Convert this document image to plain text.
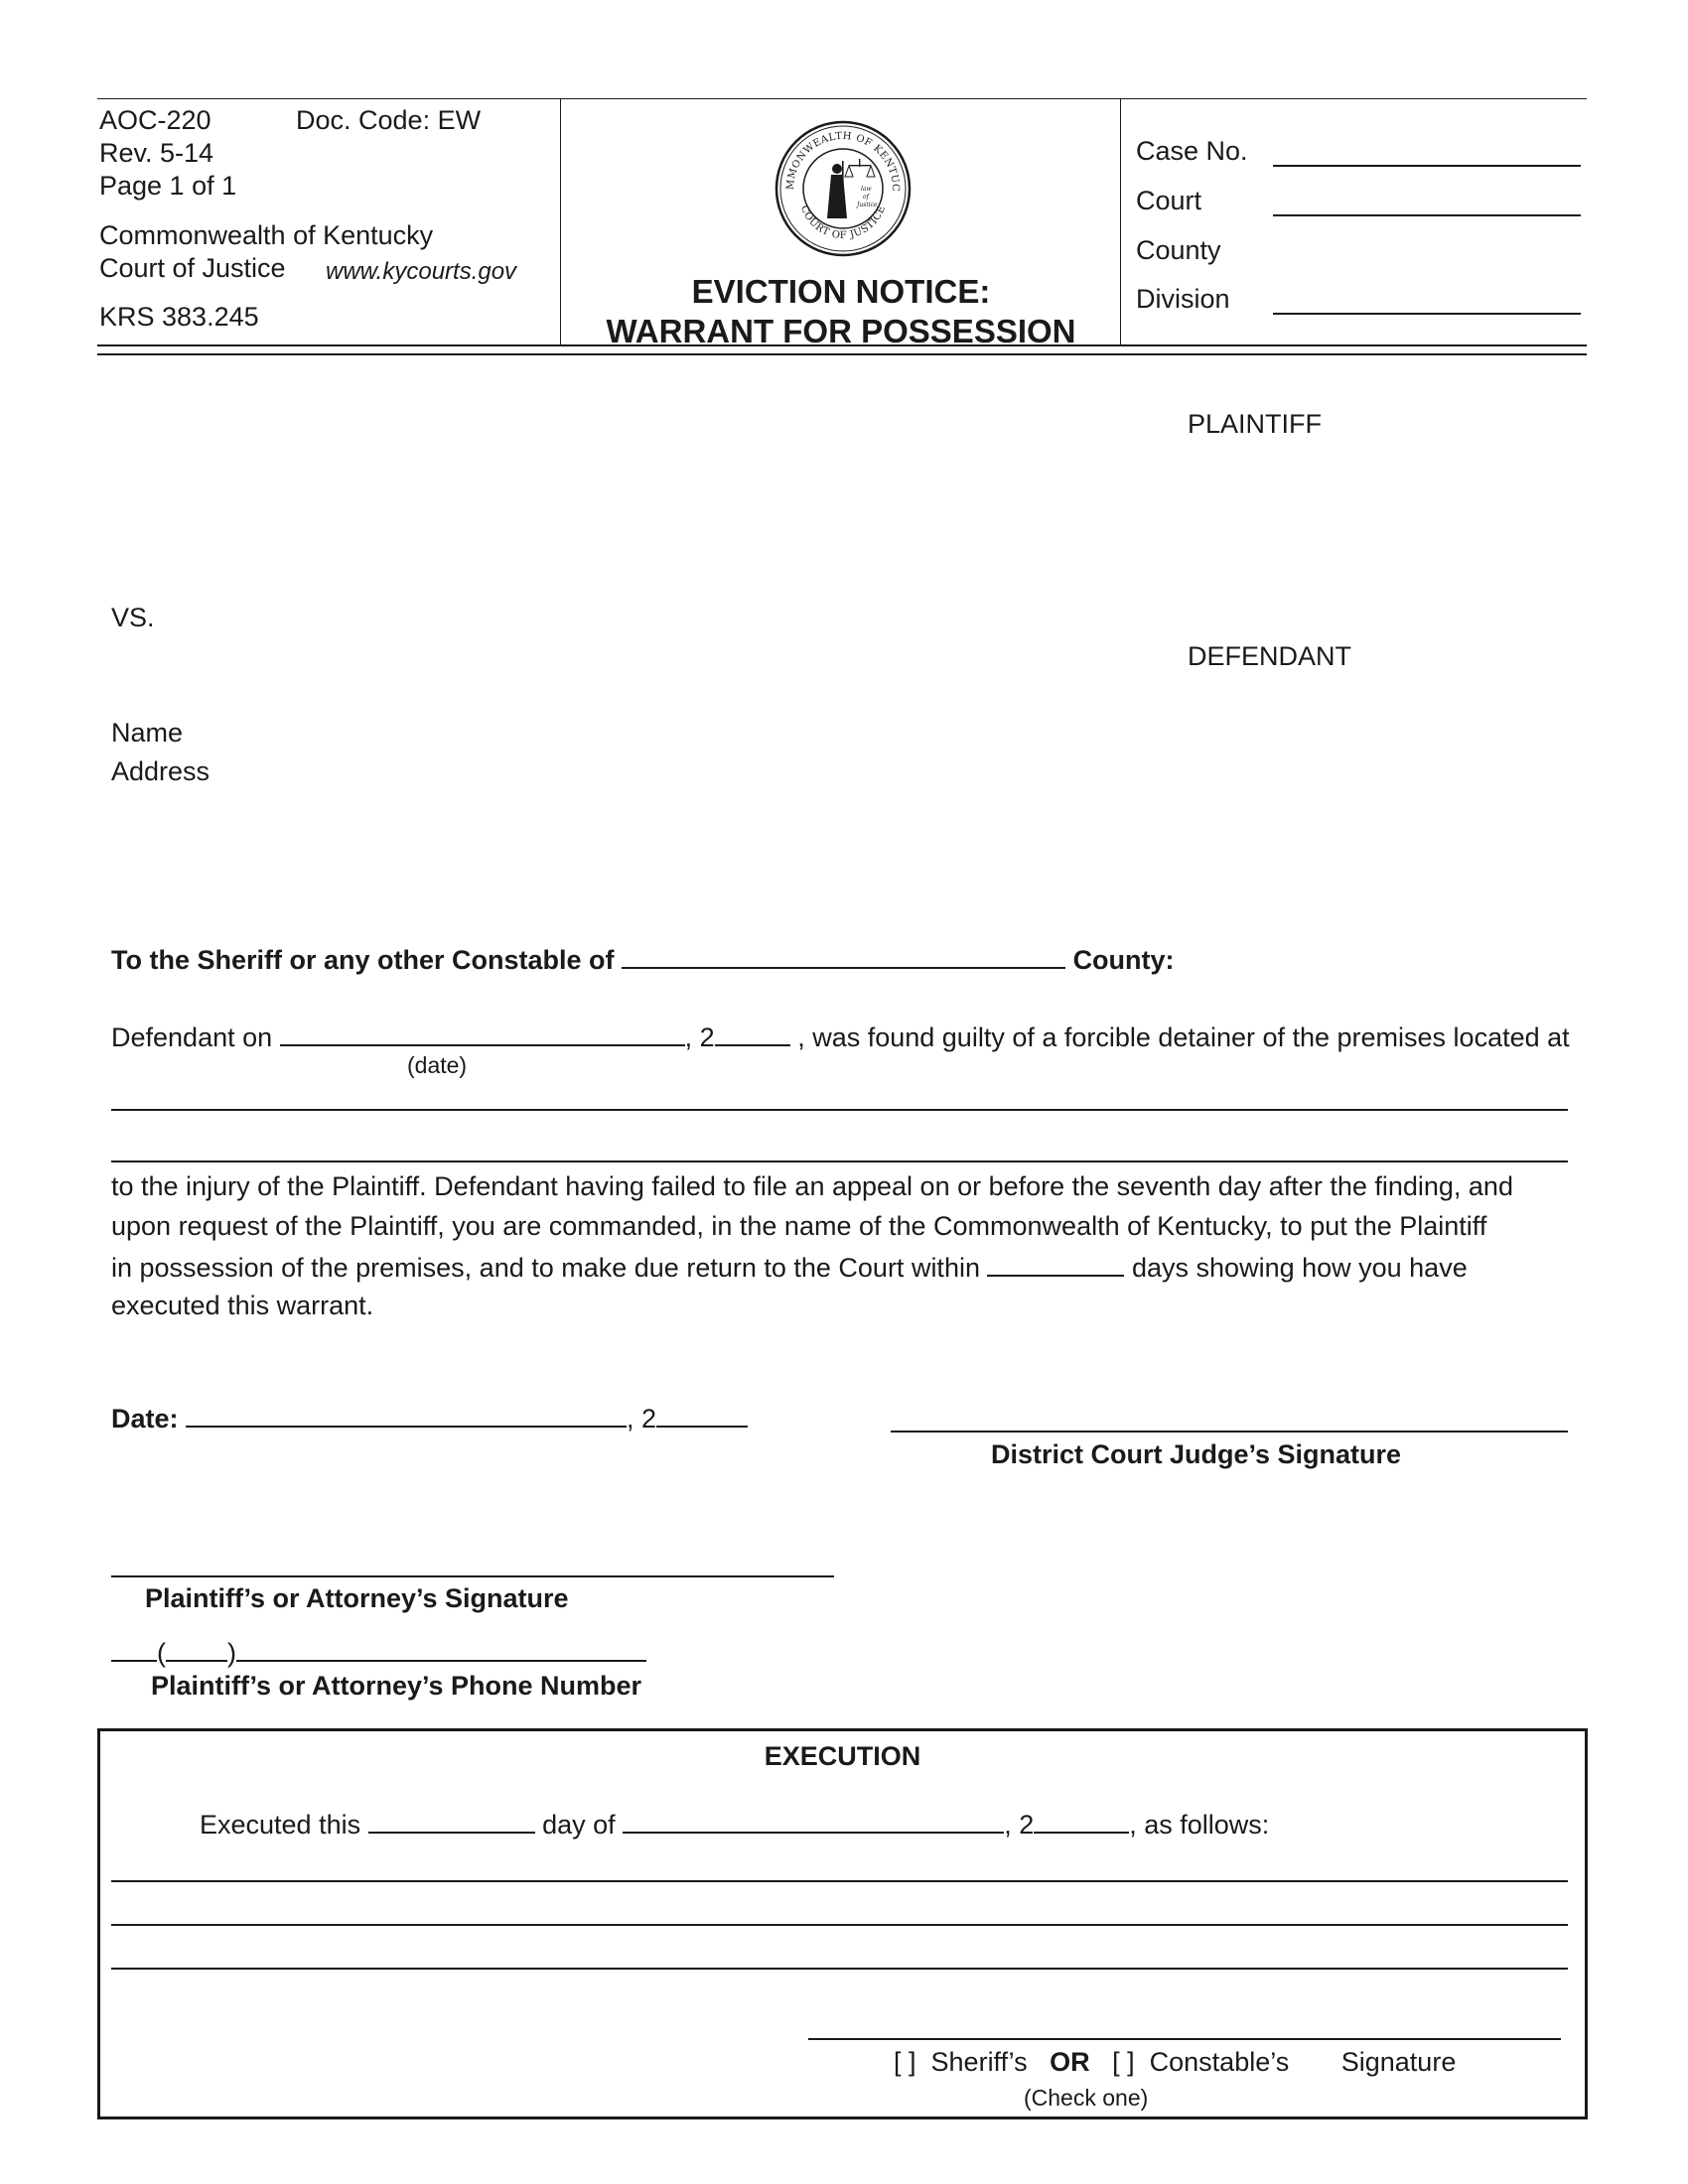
AOC-220	Doc. Code: EW
Rev. 5-14
Page 1 of 1
Commonwealth of Kentucky
Court of Justice www.kycourts.gov
KRS 383.245
MMONWEALTH OF KENTUC
COURT OF JUSTICE
law
of
Justice
EVICTION NOTICE:
WARRANT FOR POSSESSION
Case No.
Court
County
Division
PLAINTIFF
VS.
DEFENDANT
Name
Address
To the Sheriff or any other Constable of	County:
Defendant on	, 2	, was found guilty of a forcible detainer of the premises located at
(date)
to the injury of the Plaintiff. Defendant having failed to file an appeal on or before the seventh day after the finding, and
upon request of the Plaintiff, you are commanded, in the name of the Commonwealth of Kentucky, to put the Plaintiff
in possession of the premises, and to make due return to the Court within	days showing how you have
executed this warrant.
Date:	, 2
District Court Judge’s Signature
Plaintiff’s or Attorney’s Signature
( )
Plaintiff’s or Attorney’s Phone Number
EXECUTION
Executed this	day of	, 2	, as follows:
[ ] Sheriff’s OR [ ] Constable’s Signature
(Check one)
